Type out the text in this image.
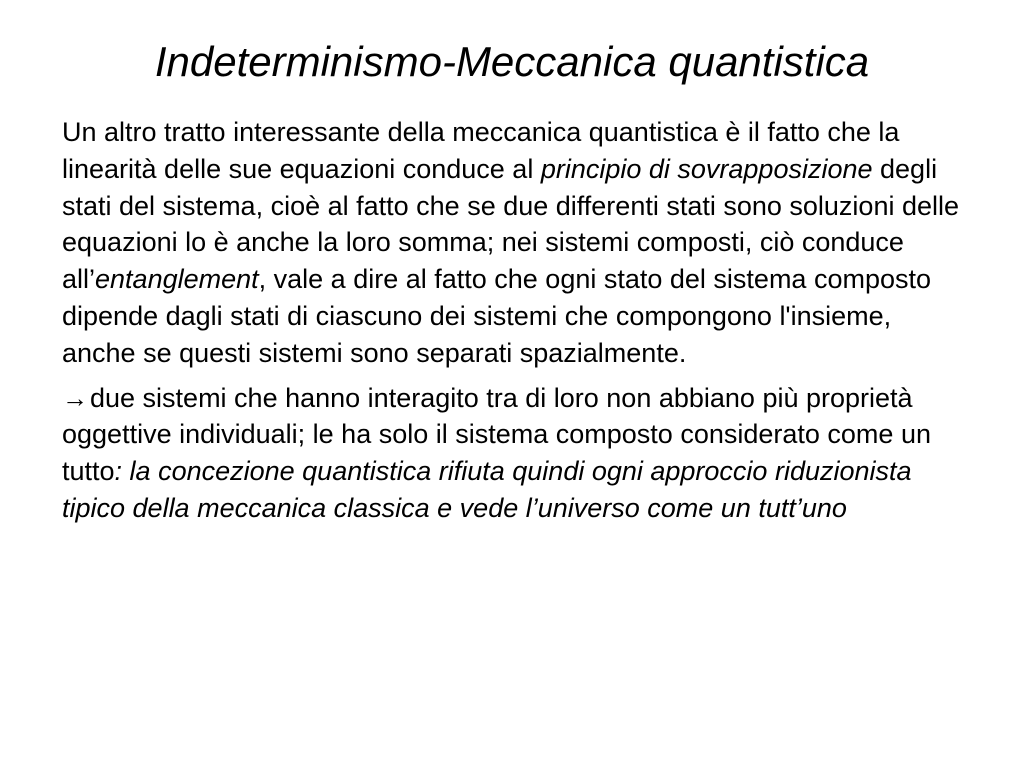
Indeterminismo-Meccanica quantistica

Un altro tratto interessante della meccanica quantistica è il fatto che la linearità delle sue equazioni conduce al principio di sovrapposizione degli stati del sistema, cioè al fatto che se due differenti stati sono soluzioni delle equazioni lo è anche la loro somma; nei sistemi composti, ciò conduce all’entanglement, vale a dire al fatto che ogni stato del sistema composto dipende dagli stati di ciascuno dei sistemi che compongono l'insieme, anche se questi sistemi sono separati spazialmente.

→due sistemi che hanno interagito tra di loro non abbiano più proprietà oggettive individuali; le ha solo il sistema composto considerato come un tutto: la concezione quantistica rifiuta quindi ogni approccio riduzionista tipico della meccanica classica e vede l’universo come un tutt’uno
